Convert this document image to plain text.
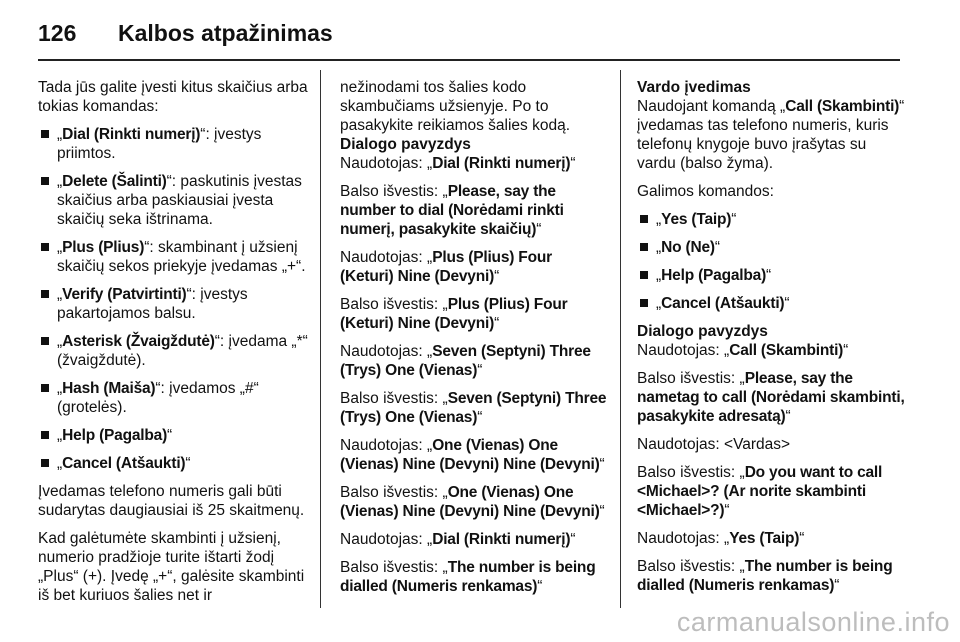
126	Kalbos atpažinimas

Tada jūs galite įvesti kitus skaičius arba tokias komandas:

„Dial (Rinkti numerį)“: įvestys priimtos.
„Delete (Šalinti)“: paskutinis įvestas skaičius arba paskiausiai įvesta skaičių seka ištrinama.
„Plus (Plius)“: skambinant į užsienį skaičių sekos priekyje įvedamas „+“.
„Verify (Patvirtinti)“: įvestys pakartojamos balsu.
„Asterisk (Žvaigždutė)“: įvedama „*“ (žvaigždutė).
„Hash (Maiša)“: įvedamos „#“ (grotelės).
„Help (Pagalba)“
„Cancel (Atšaukti)“

Įvedamas telefono numeris gali būti sudarytas daugiausiai iš 25 skaitmenų.

Kad galėtumėte skambinti į užsienį, numerio pradžioje turite ištarti žodį „Plus“ (+). Įvedę „+“, galėsite skambinti iš bet kuriuos šalies net ir

nežinodami tos šalies kodo skambučiams užsienyje. Po to pasakykite reikiamos šalies kodą.

Dialogo pavyzdys

Naudotojas: „Dial (Rinkti numerį)“

Balso išvestis: „Please, say the number to dial (Norėdami rinkti numerį, pasakykite skaičių)“

Naudotojas: „Plus (Plius) Four (Keturi) Nine (Devyni)“

Balso išvestis: „Plus (Plius) Four (Keturi) Nine (Devyni)“

Naudotojas: „Seven (Septyni) Three (Trys) One (Vienas)“

Balso išvestis: „Seven (Septyni) Three (Trys) One (Vienas)“

Naudotojas: „One (Vienas) One (Vienas) Nine (Devyni) Nine (Devyni)“

Balso išvestis: „One (Vienas) One (Vienas) Nine (Devyni) Nine (Devyni)“

Naudotojas: „Dial (Rinkti numerį)“

Balso išvestis: „The number is being dialled (Numeris renkamas)“

Vardo įvedimas

Naudojant komandą „Call (Skambinti)“ įvedamas tas telefono numeris, kuris telefonų knygoje buvo įrašytas su vardu (balso žyma).

Galimos komandos:

„Yes (Taip)“
„No (Ne)“
„Help (Pagalba)“
„Cancel (Atšaukti)“
Dialogo pavyzdys

Naudotojas: „Call (Skambinti)“

Balso išvestis: „Please, say the nametag to call (Norėdami skambinti, pasakykite adresatą)“

Naudotojas: <Vardas>

Balso išvestis: „Do you want to call <Michael>? (Ar norite skambinti <Michael>?)“

Naudotojas: „Yes (Taip)“

Balso išvestis: „The number is being dialled (Numeris renkamas)“

carmanualsonline.info
